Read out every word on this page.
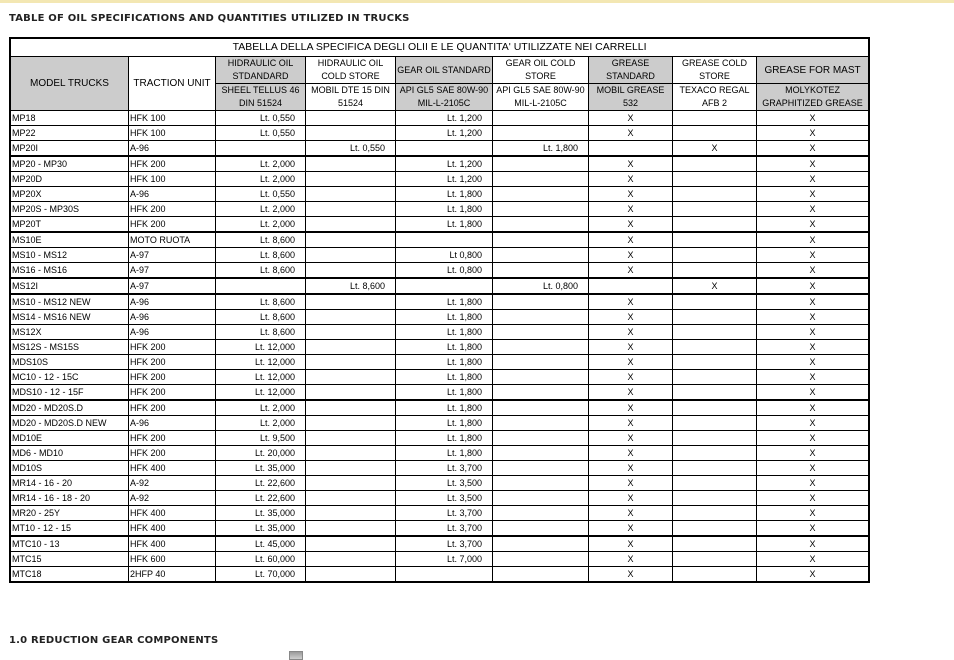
TABLE OF OIL SPECIFICATIONS AND QUANTITIES UTILIZED IN TRUCKS
TABELLA DELLA SPECIFICA DEGLI OLII E LE QUANTITA' UTILIZZATE NEI CARRELLI								
MODEL TRUCKS	TRACTION UNIT	HIDRAULIC OIL STDANDARD	HIDRAULIC OIL COLD STORE	GEAR OIL STANDARD	GEAR OIL COLD STORE	GREASE STANDARD	GREASE COLD STORE	GREASE FOR MAST
		SHEEL TELLUS 46 DIN 51524	MOBIL DTE 15 DIN 51524	API GL5 SAE 80W-90 MIL-L-2105C	API GL5 SAE 80W-90 MIL-L-2105C	MOBIL GREASE 532	TEXACO REGAL AFB 2	MOLYKOTEZ GRAPHITIZED GREASE
MP18	HFK 100	Lt. 0,550		Lt. 1,200		X		X
MP22	HFK 100	Lt. 0,550		Lt. 1,200		X		X
MP20I	A-96		Lt. 0,550		Lt. 1,800		X	X
MP20 - MP30	HFK 200	Lt. 2,000		Lt. 1,200		X		X
MP20D	HFK 100	Lt. 2,000		Lt. 1,200		X		X
MP20X	A-96	Lt. 0,550		Lt. 1,800		X		X
MP20S - MP30S	HFK 200	Lt. 2,000		Lt. 1,800		X		X
MP20T	HFK 200	Lt. 2,000		Lt. 1,800		X		X
MS10E	MOTO RUOTA	Lt. 8,600				X		X
MS10 - MS12	A-97	Lt. 8,600		Lt 0,800		X		X
MS16 - MS16	A-97	Lt. 8,600		Lt. 0,800		X		X
MS12I	A-97		Lt. 8,600		Lt. 0,800		X	X
MS10 - MS12 NEW	A-96	Lt. 8,600		Lt. 1,800		X		X
MS14 - MS16 NEW	A-96	Lt. 8,600		Lt. 1,800		X		X
MS12X	A-96	Lt. 8,600		Lt. 1,800		X		X
MS12S - MS15S	HFK 200	Lt. 12,000		Lt. 1,800		X		X
MDS10S	HFK 200	Lt. 12,000		Lt. 1,800		X		X
MC10 - 12 - 15C	HFK 200	Lt. 12,000		Lt. 1,800		X		X
MDS10 - 12 - 15F	HFK 200	Lt. 12,000		Lt. 1,800		X		X
MD20 - MD20S.D	HFK 200	Lt. 2,000		Lt. 1,800		X		X
MD20 - MD20S.D NEW	A-96	Lt. 2,000		Lt. 1,800		X		X
MD10E	HFK 200	Lt. 9,500		Lt. 1,800		X		X
MD6 - MD10	HFK 200	Lt. 20,000		Lt. 1,800		X		X
MD10S	HFK 400	Lt. 35,000		Lt. 3,700		X		X
MR14 - 16 - 20	A-92	Lt. 22,600		Lt. 3,500		X		X
MR14 - 16 - 18 - 20	A-92	Lt. 22,600		Lt. 3,500		X		X
MR20 - 25Y	HFK 400	Lt. 35,000		Lt. 3,700		X		X
MT10 - 12 - 15	HFK 400	Lt. 35,000		Lt. 3,700		X		X
MTC10 - 13	HFK 400	Lt. 45,000		Lt. 3,700		X		X
MTC15	HFK 600	Lt. 60,000		Lt. 7,000		X		X
MTC18	2HFP 40	Lt. 70,000				X		X
1.0 REDUCTION GEAR COMPONENTS
